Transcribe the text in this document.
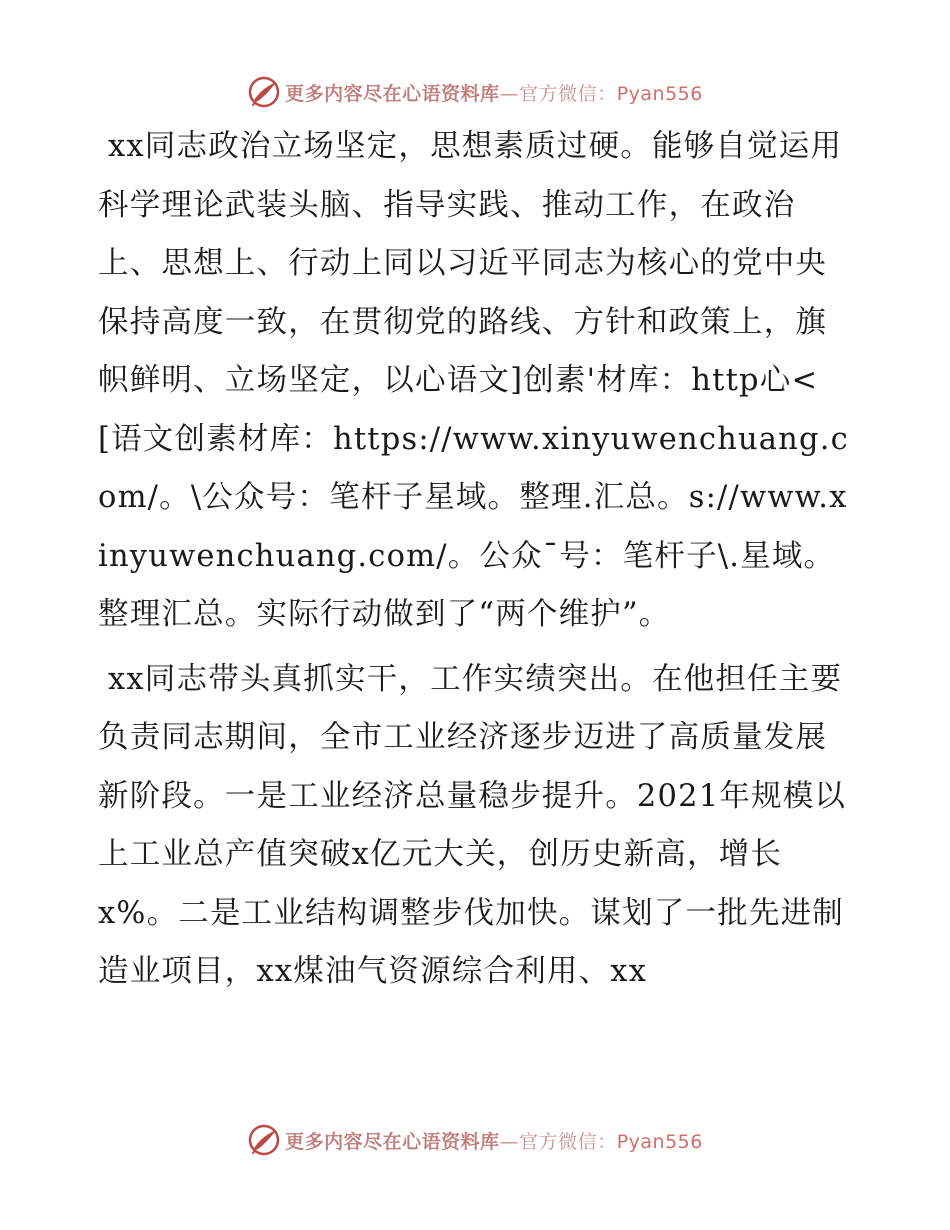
更多内容尽在心语资料库—官方微信：Pyan556

xx同志政治立场坚定，思想素质过硬。能够自觉运用科学理论武装头脑、指导实践、推动工作，在政治上、思想上、行动上同以习近平同志为核心的党中央保持高度一致，在贯彻党的路线、方针和政策上，旗帜鲜明、立场坚定，以心语文]创素'材库：http心<[语文创素材库：https://www.xinyuwenchuang.com/。\公众号：笔杆子星域。整理.汇总。s://www.xinyuwenchuang.com/。公众¯号：笔杆子\.星域。整理汇总。实际行动做到了“两个维护”。

xx同志带头真抓实干，工作实绩突出。在他担任主要负责同志期间，全市工业经济逐步迈进了高质量发展新阶段。一是工业经济总量稳步提升。2021年规模以上工业总产值突破x亿元大关，创历史新高，增长x%。二是工业结构调整步伐加快。谋划了一批先进制造业项目，xx煤油气资源综合利用、xx

更多内容尽在心语资料库—官方微信：Pyan556
